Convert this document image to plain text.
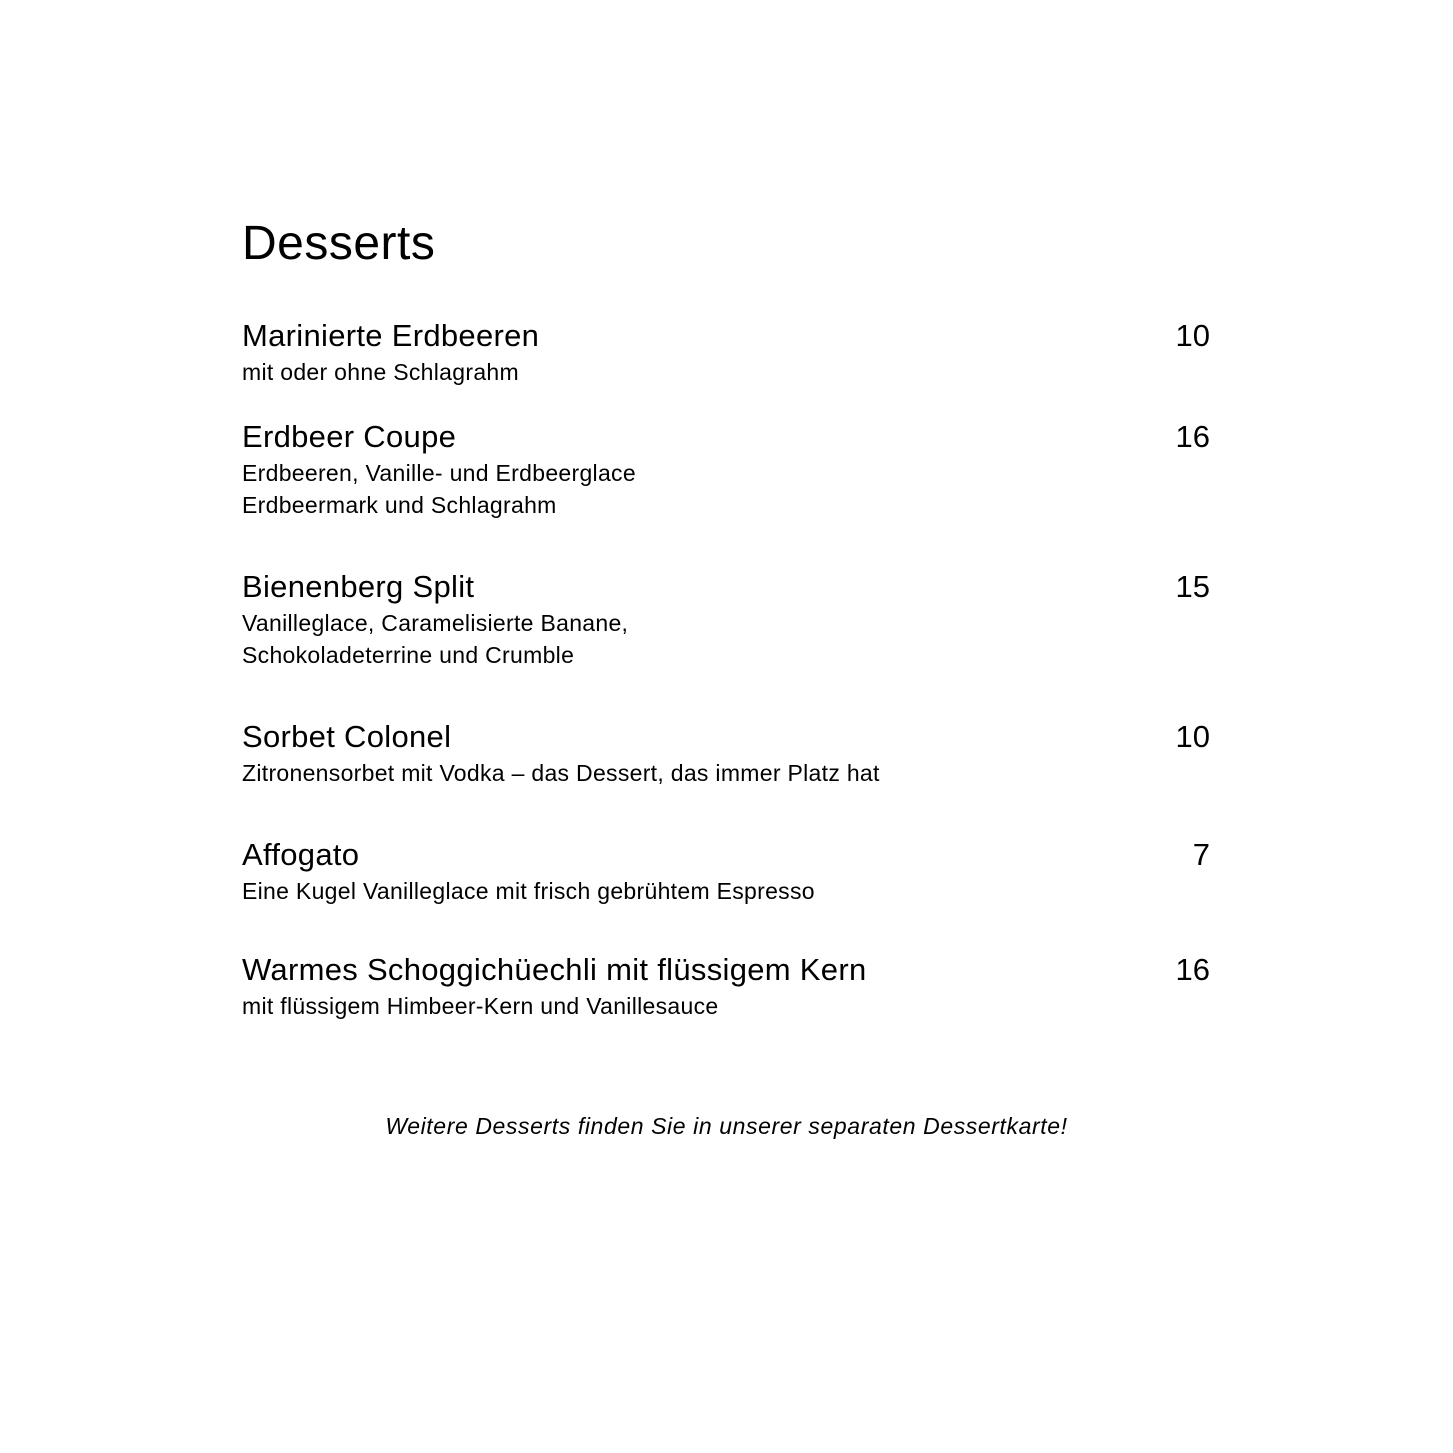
Desserts
Marinierte Erdbeeren	10
mit oder ohne Schlagrahm
Erdbeer Coupe	16
Erdbeeren, Vanille- und Erdbeerglace
Erdbeermark und Schlagrahm
Bienenberg Split	15
Vanilleglace, Caramelisierte Banane,
Schokoladeterrine und Crumble
Sorbet Colonel	10
Zitronensorbet mit Vodka – das Dessert, das immer Platz hat
Affogato	7
Eine Kugel Vanilleglace mit frisch gebrühtem Espresso
Warmes Schoggichüechli mit flüssigem Kern	16
mit flüssigem Himbeer-Kern und Vanillesauce
Weitere Desserts finden Sie in unserer separaten Dessertkarte!
